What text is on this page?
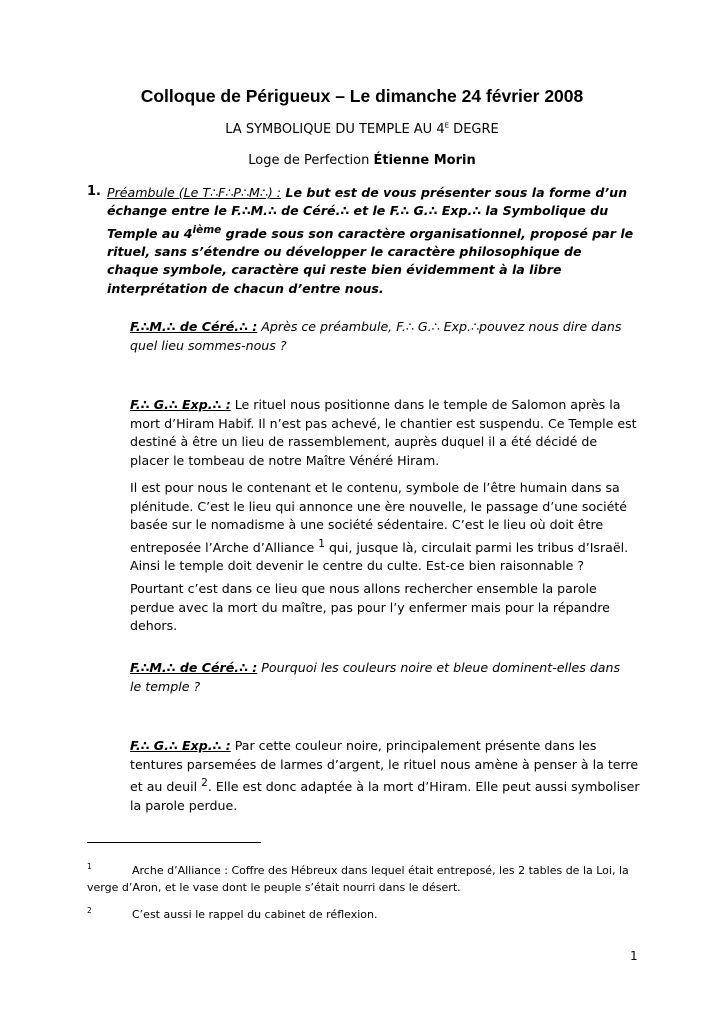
Colloque de Périgueux – Le dimanche 24 février 2008
LA SYMBOLIQUE DU TEMPLE AU $4^E$ DEGRE
Loge de Perfection Étienne Morin
1. Préambule (Le T∴F∴P∴M∴) : Le but est de vous présenter sous la forme d’un échange entre le F.∴M.∴ de Céré.∴ et le F.∴ G.∴ Exp.∴ la Symbolique du Temple au 4ième grade sous son caractère organisationnel, proposé par le rituel, sans s’étendre ou développer le caractère philosophique de chaque symbole, caractère qui reste bien évidemment à la libre interprétation de chacun d’entre nous.
F.∴M.∴ de Céré.∴ : Après ce préambule, F.∴ G.∴ Exp.∴pouvez nous dire dans quel lieu sommes-nous ?
F.∴ G.∴ Exp.∴ : Le rituel nous positionne dans le temple de Salomon après la mort d’Hiram Habif. Il n’est pas achevé, le chantier est suspendu. Ce Temple est destiné à être un lieu de rassemblement, auprès duquel il a été décidé de placer le tombeau de notre Maître Vénéré Hiram.
Il est pour nous le contenant et le contenu, symbole de l’être humain dans sa plénitude. C’est le lieu qui annonce une ère nouvelle, le passage d’une société basée sur le nomadisme à une société sédentaire. C’est le lieu où doit être entreposée l’Arche d’Alliance $^1$ qui, jusque là, circulait parmi les tribus d’Israël. Ainsi le temple doit devenir le centre du culte. Est-ce bien raisonnable ?
Pourtant c’est dans ce lieu que nous allons rechercher ensemble la parole perdue avec la mort du maître, pas pour l’y enfermer mais pour la répandre dehors.
F.∴M.∴ de Céré.∴ : Pourquoi les couleurs noire et bleue dominent-elles dans le temple ?
F.∴ G.∴ Exp.∴ : Par cette couleur noire, principalement présente dans les tentures parsemées de larmes d’argent, le rituel nous amène à penser à la terre et au deuil $^2$. Elle est donc adaptée à la mort d’Hiram. Elle peut aussi symboliser la parole perdue.
1	Arche d’Alliance : Coffre des Hébreux dans lequel était entreposé, les 2 tables de la Loi, la verge d’Aron, et le vase dont le peuple s’était nourri dans le désert.
2	C’est aussi le rappel du cabinet de réflexion.
1
